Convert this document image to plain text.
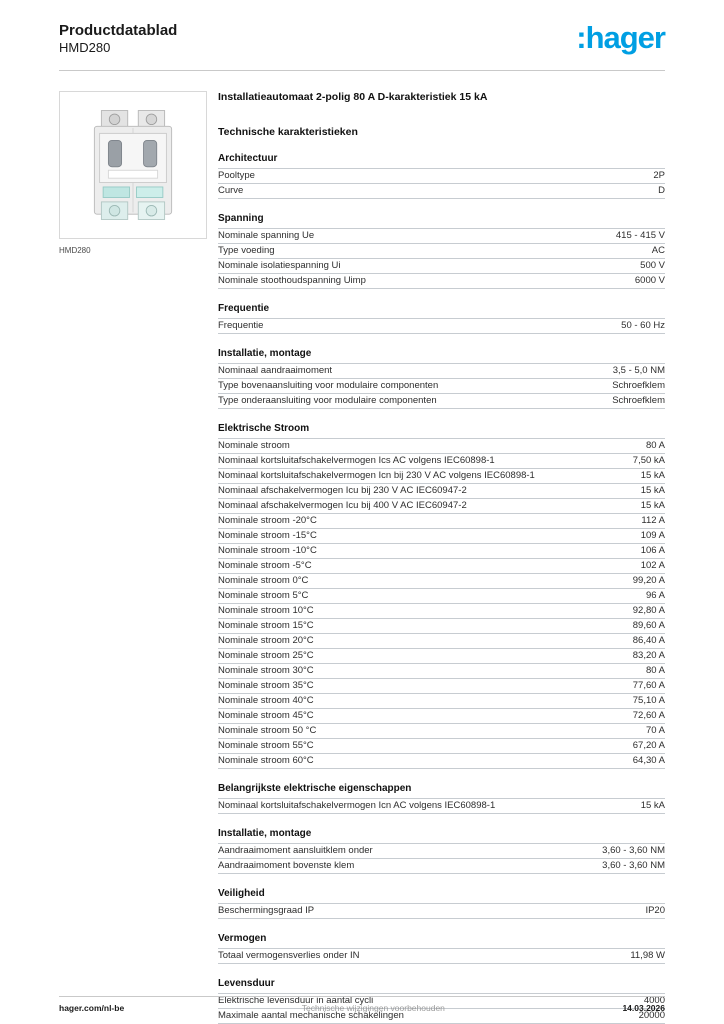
Productdatablad
HMD280	:hager
HMD280
Installatieautomaat 2-polig 80 A D-karakteristiek 15 kA
Technische karakteristieken
Architectuur
Pooltype	2P
Curve	D
Spanning
Nominale spanning Ue	415 - 415 V
Type voeding	AC
Nominale isolatiespanning Ui	500 V
Nominale stoothoudspanning Uimp	6000 V
Frequentie
Frequentie	50 - 60 Hz
Installatie, montage
Nominaal aandraaimoment	3,5 - 5,0 NM
Type bovenaansluiting voor modulaire componenten	Schroefklem
Type onderaansluiting voor modulaire componenten	Schroefklem
Elektrische Stroom
Nominale stroom	80 A
Nominaal kortsluitafschakelvermogen Ics AC volgens IEC60898-1	7,50 kA
Nominaal kortsluitafschakelvermogen Icn bij 230 V AC volgens IEC60898-1	15 kA
Nominaal afschakelvermogen Icu bij 230 V AC IEC60947-2	15 kA
Nominaal afschakelvermogen Icu bij 400 V AC IEC60947-2	15 kA
Nominale stroom -20°C	112 A
Nominale stroom -15°C	109 A
Nominale stroom -10°C	106 A
Nominale stroom -5°C	102 A
Nominale stroom 0°C	99,20 A
Nominale stroom 5°C	96 A
Nominale stroom 10°C	92,80 A
Nominale stroom 15°C	89,60 A
Nominale stroom 20°C	86,40 A
Nominale stroom 25°C	83,20 A
Nominale stroom 30°C	80 A
Nominale stroom 35°C	77,60 A
Nominale stroom 40°C	75,10 A
Nominale stroom 45°C	72,60 A
Nominale stroom 50 °C	70 A
Nominale stroom 55°C	67,20 A
Nominale stroom 60°C	64,30 A
Belangrijkste elektrische eigenschappen
Nominaal kortsluitafschakelvermogen Icn AC volgens IEC60898-1	15 kA
Installatie, montage
Aandraaimoment aansluitklem onder	3,60 - 3,60 NM
Aandraaimoment bovenste klem	3,60 - 3,60 NM
Veiligheid
Beschermingsgraad IP	IP20
Vermogen
Totaal vermogensverlies onder IN	11,98 W
Levensduur
Elektrische levensduur in aantal cycli	4000
Maximale aantal mechanische schakelingen	20000
hager.com/nl-be	Technische wijzigingen voorbehouden	14.03.2026
